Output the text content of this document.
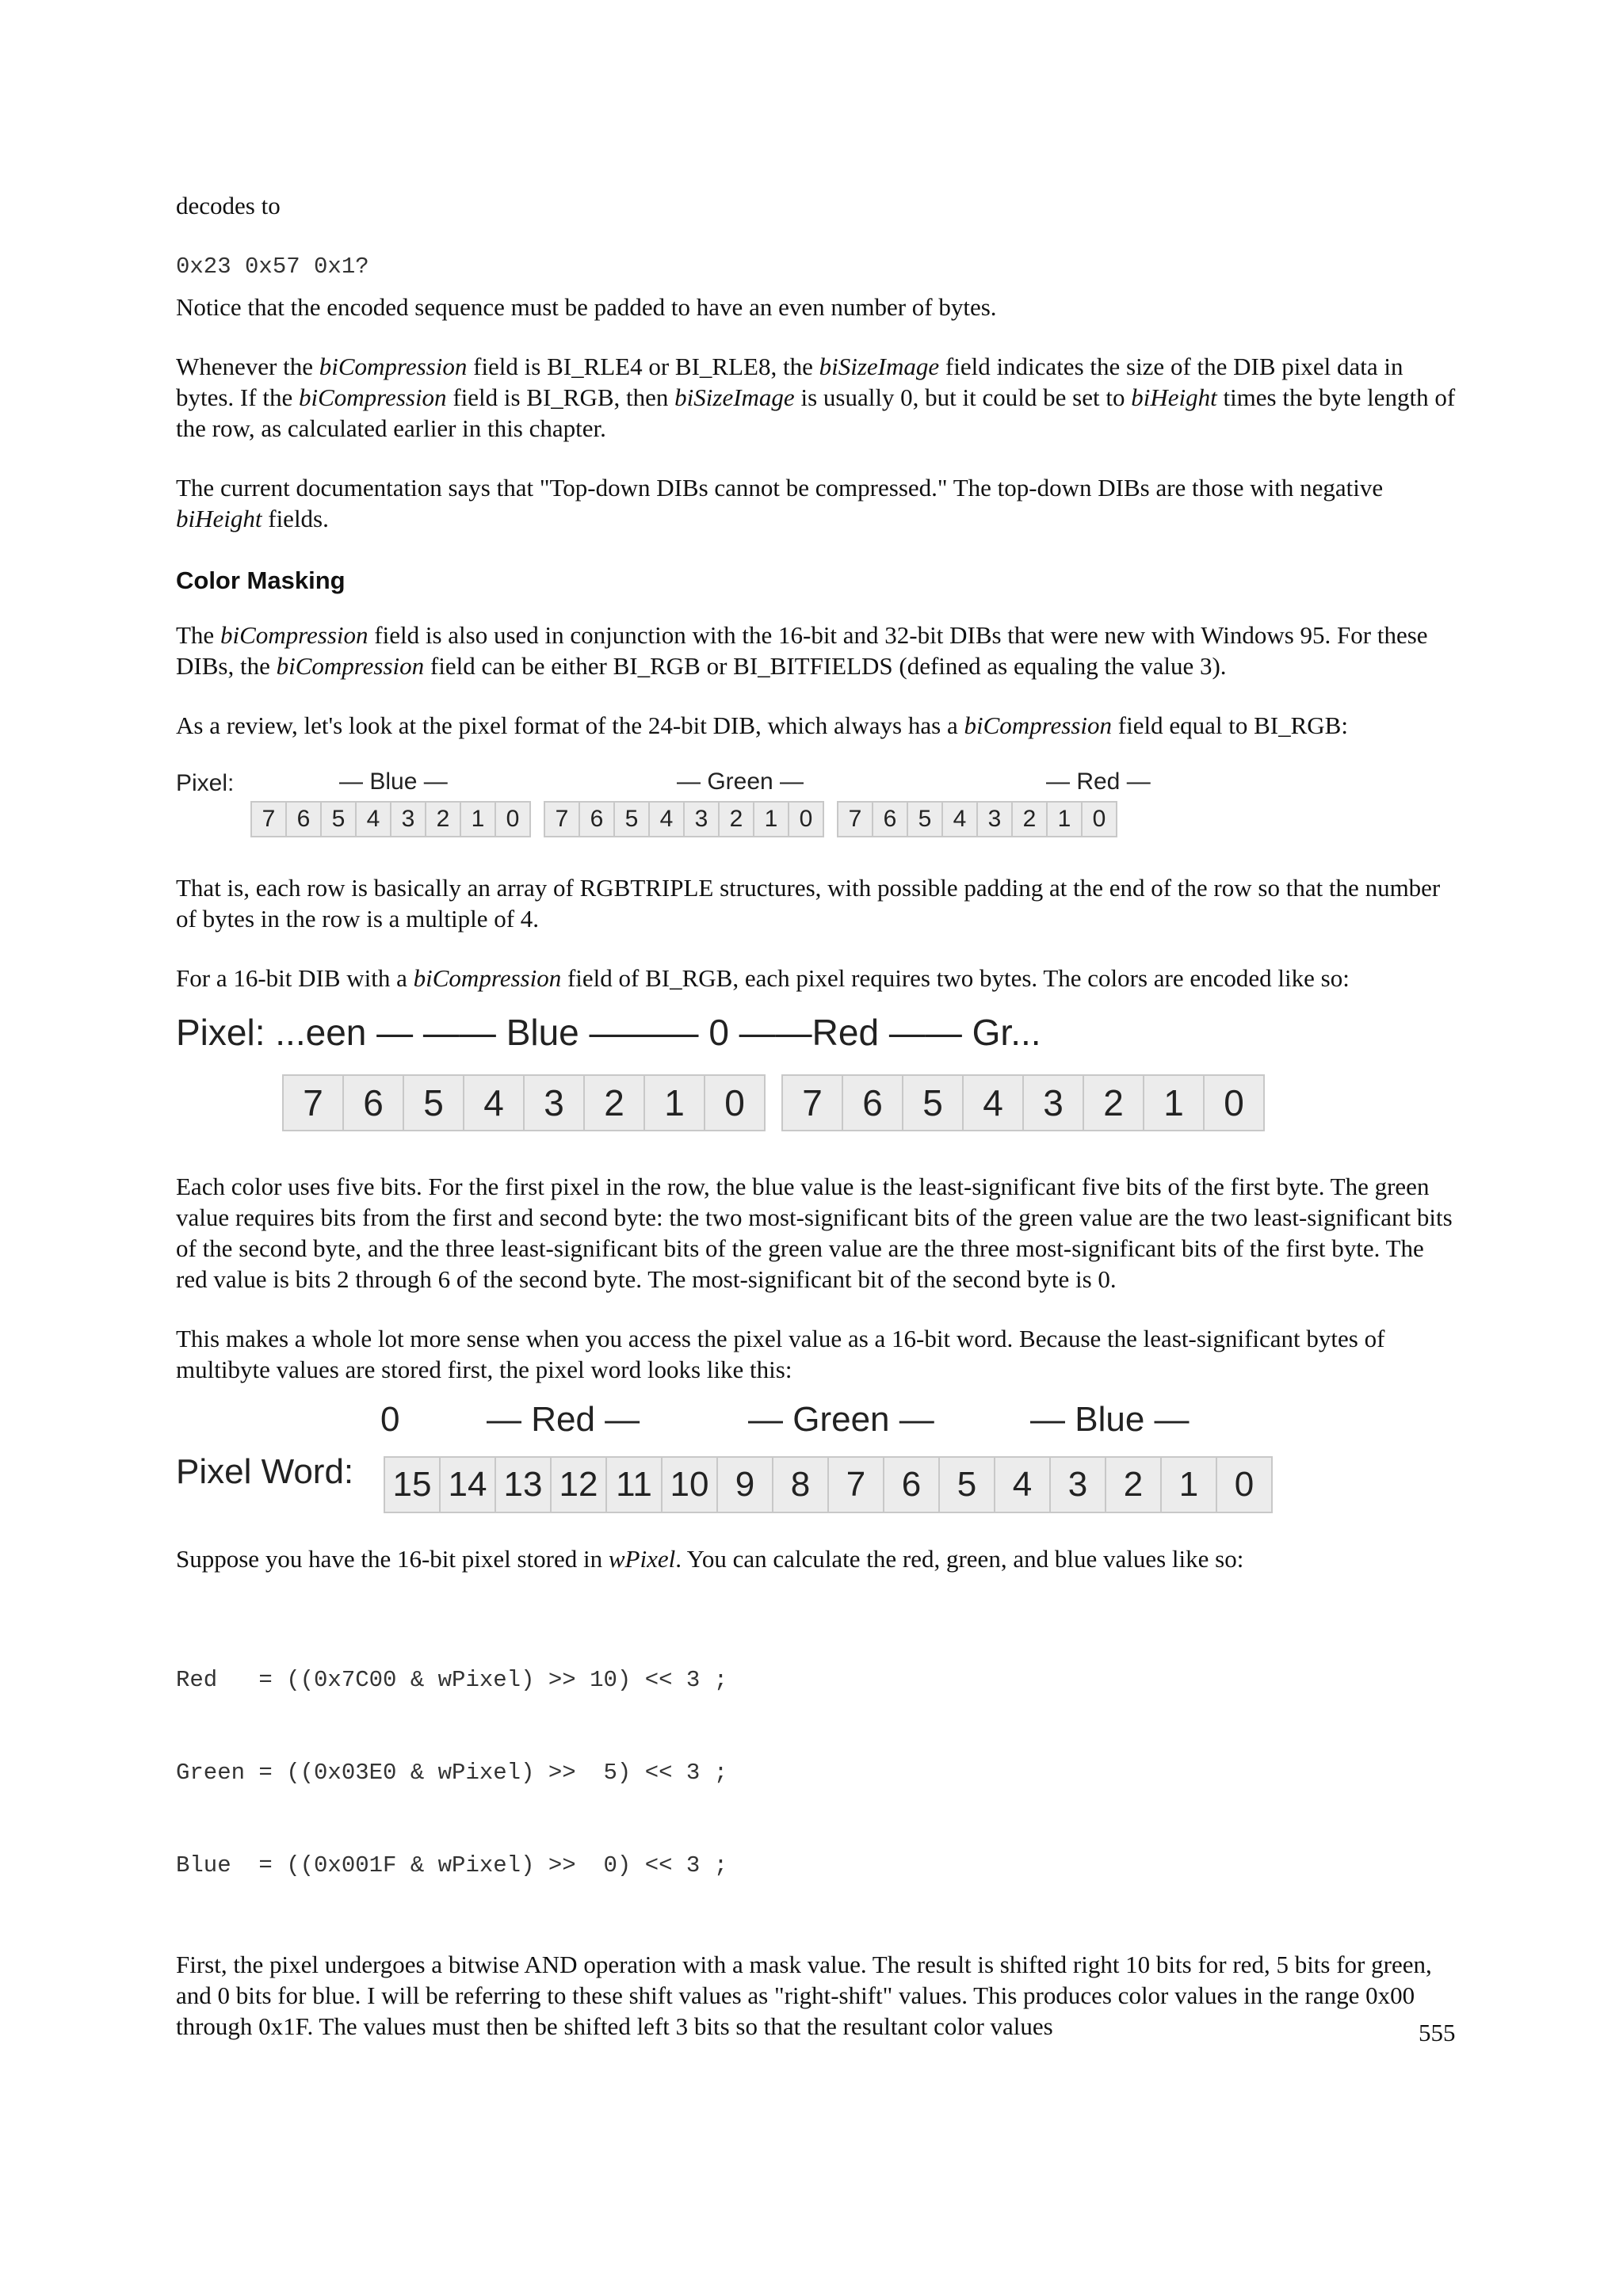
decodes to

0x23 0x57 0x1?

Notice that the encoded sequence must be padded to have an even number of bytes.

Whenever the biCompression field is BI_RLE4 or BI_RLE8, the biSizeImage field indicates the size of the DIB pixel data in bytes. If the biCompression field is BI_RGB, then biSizeImage is usually 0, but it could be set to biHeight times the byte length of the row, as calculated earlier in this chapter.

The current documentation says that "Top-down DIBs cannot be compressed." The top-down DIBs are those with negative biHeight fields.

Color Masking

The biCompression field is also used in conjunction with the 16-bit and 32-bit DIBs that were new with Windows 95. For these DIBs, the biCompression field can be either BI_RGB or BI_BITFIELDS (defined as equaling the value 3).

As a review, let's look at the pixel format of the 24-bit DIB, which always has a biCompression field equal to BI_RGB:

Pixel:	— Blue —	— Green —	— Red —
7 6 5 4 3 2 1 0	7 6 5 4 3 2 1 0	7 6 5 4 3 2 1 0

That is, each row is basically an array of RGBTRIPLE structures, with possible padding at the end of the row so that the number of bytes in the row is a multiple of 4.

For a 16-bit DIB with a biCompression field of BI_RGB, each pixel requires two bytes. The colors are encoded like so:

Pixel: ...een — —— Blue ——— 0 ——Red —— Gr...
7	6	5	4	3	2	1	0	7	6	5	4	3	2	1	0

Each color uses five bits. For the first pixel in the row, the blue value is the least-significant five bits of the first byte. The green value requires bits from the first and second byte: the two most-significant bits of the green value are the two least-significant bits of the second byte, and the three least-significant bits of the green value are the three most-significant bits of the first byte. The red value is bits 2 through 6 of the second byte. The most-significant bit of the second byte is 0.

This makes a whole lot more sense when you access the pixel value as a 16-bit word. Because the least-significant bytes of multibyte values are stored first, the pixel word looks like this:

0 — Red —	— Green —	— Blue —
Pixel Word: 15 14 13 12 11 10 9	8	7	6	5	4	3	2	1	0

Suppose you have the 16-bit pixel stored in wPixel. You can calculate the red, green, and blue values like so:

Red   = ((0x7C00 & wPixel) >> 10) << 3 ;

Green = ((0x03E0 & wPixel) >>  5) << 3 ;

Blue  = ((0x001F & wPixel) >>  0) << 3 ;

First, the pixel undergoes a bitwise AND operation with a mask value. The result is shifted right 10 bits for red, 5 bits for green, and 0 bits for blue. I will be referring to these shift values as "right-shift" values. This produces color values in the range 0x00 through 0x1F. The values must then be shifted left 3 bits so that the resultant color values	555
